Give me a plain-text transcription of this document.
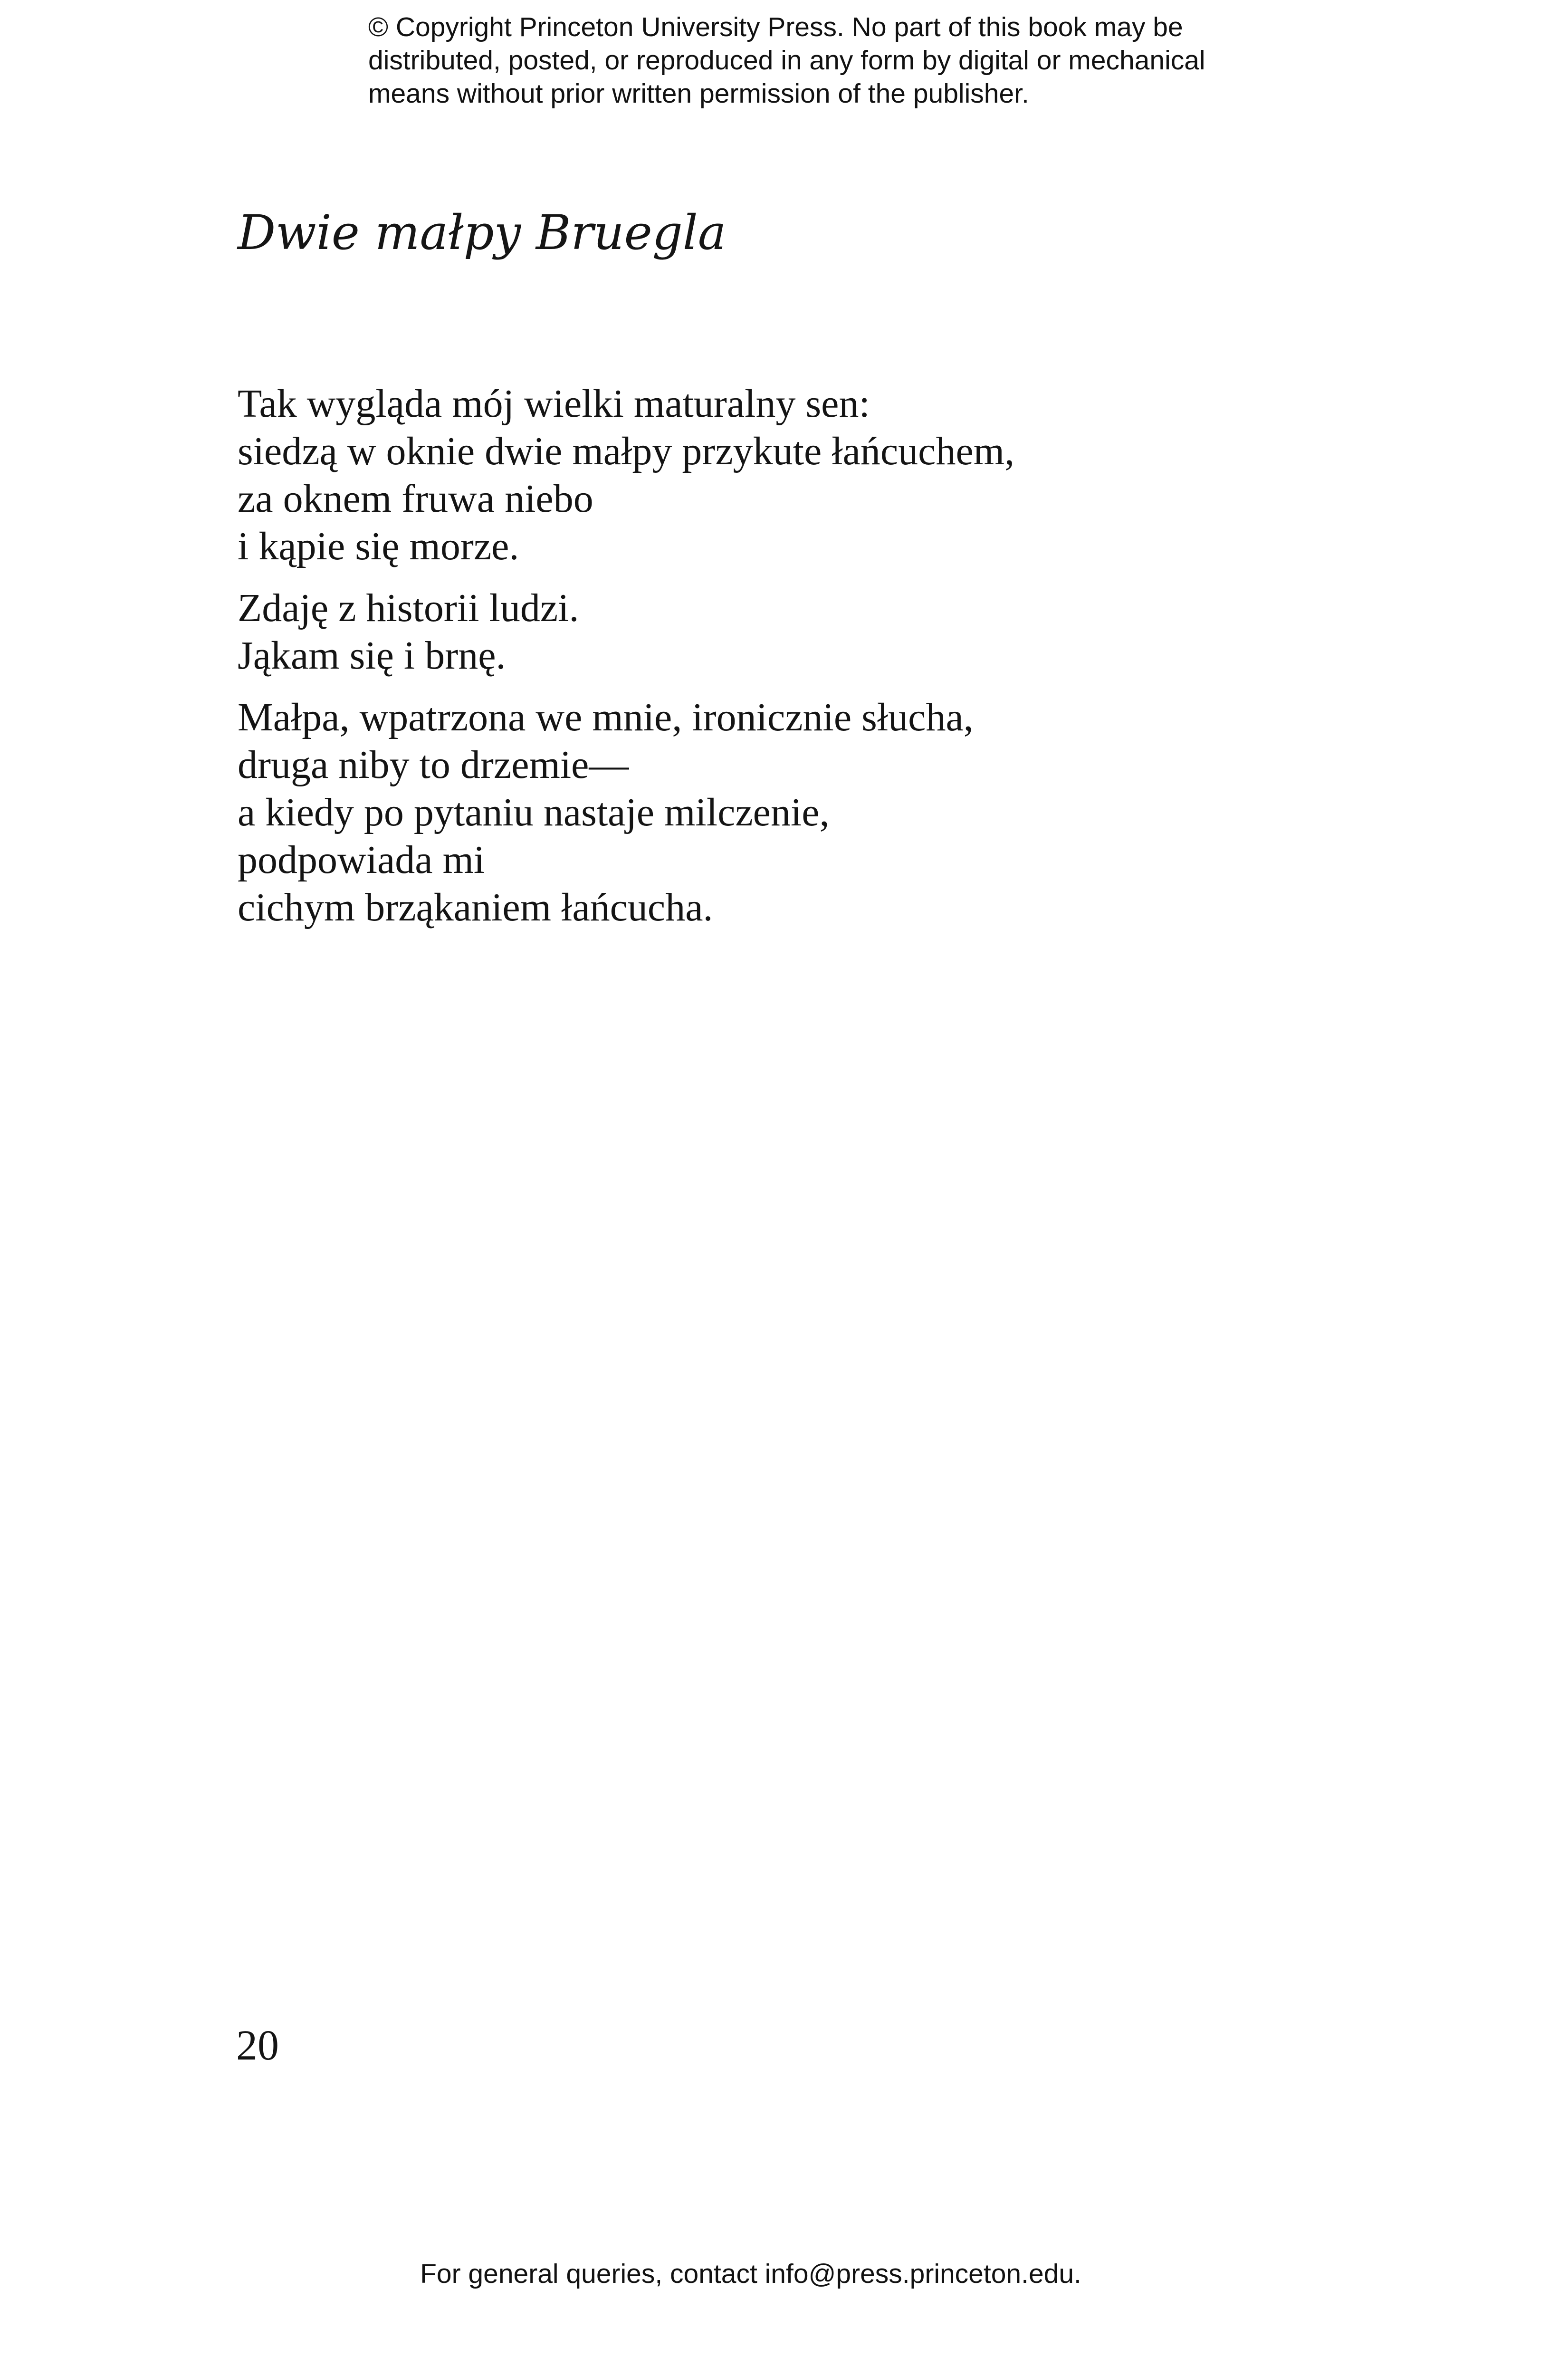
© Copyright Princeton University Press. No part of this book may be
distributed, posted, or reproduced in any form by digital or mechanical
means without prior written permission of the publisher.
Dwie małpy Bruegla
Tak wygląda mój wielki maturalny sen:
siedzą w oknie dwie małpy przykute łańcuchem,
za oknem fruwa niebo
i kąpie się morze.
Zdaję z historii ludzi.
Jąkam się i brnę.
Małpa, wpatrzona we mnie, ironicznie słucha,
druga niby to drzemie—
a kiedy po pytaniu nastaje milczenie,
podpowiada mi
cichym brząkaniem łańcucha.
20
For general queries, contact info@press.princeton.edu.
